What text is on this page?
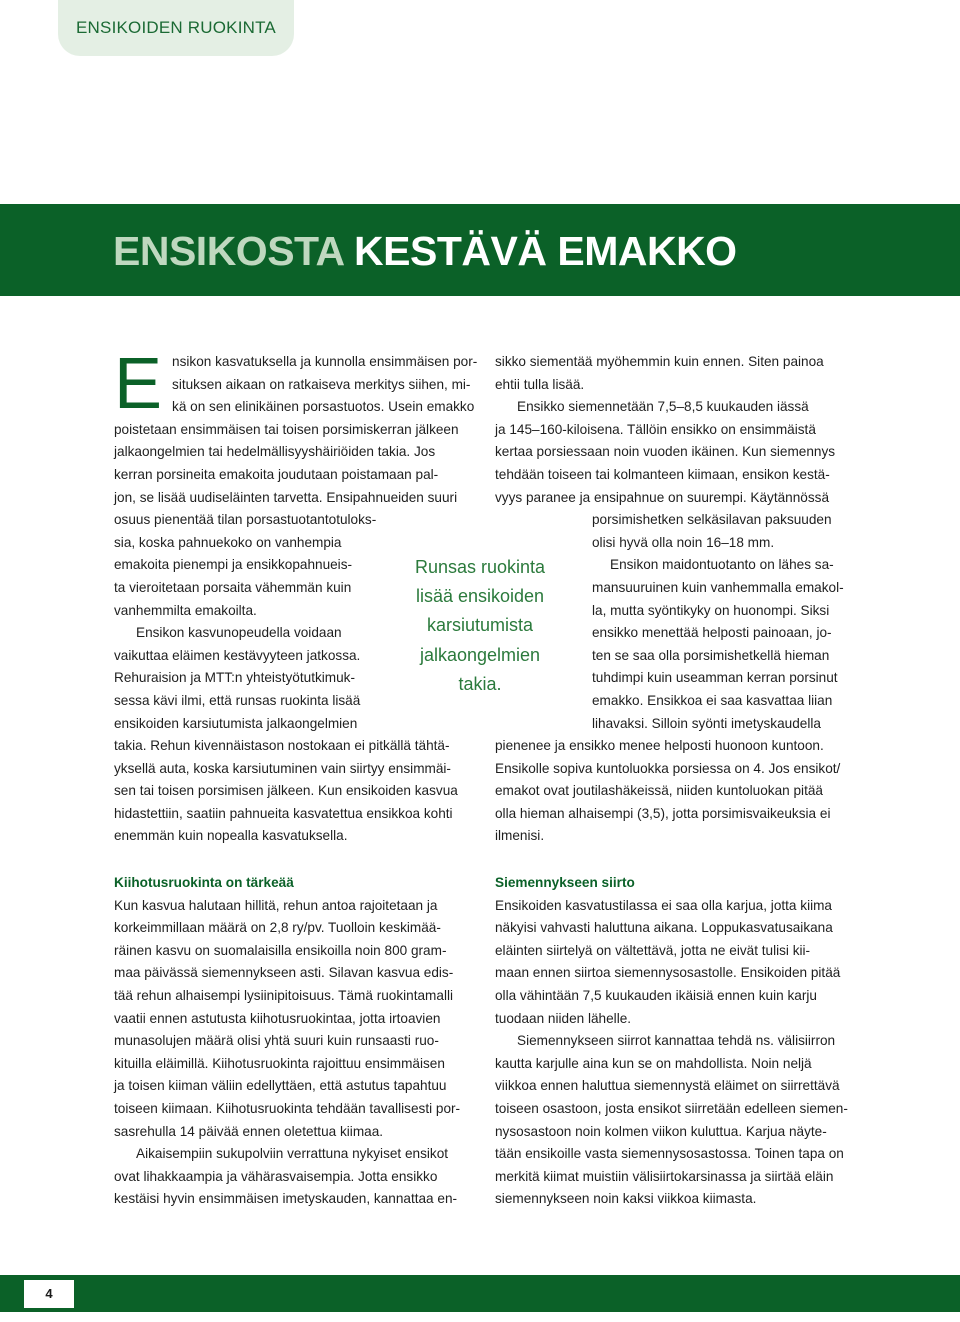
ENSIKOIDEN RUOKINTA
ENSIKOSTA KESTÄVÄ EMAKKO
E nsikon kasvatuksella ja kunnolla ensimmäisen por-
situksen aikaan on ratkaiseva merkitys siihen, mi-
kä on sen elinikäinen porsastuotos. Usein emakko
poistetaan ensimmäisen tai toisen porsimiskerran jälkeen
jalkaongelmien tai hedelmällisyyshäiriöiden takia. Jos
kerran porsineita emakoita joudutaan poistamaan pal-
jon, se lisää uudiseläinten tarvetta. Ensipahnueiden suuri
osuus pienentää tilan porsastuotantotuloks-
sia, koska pahnuekoko on vanhempia
emakoita pienempi ja ensikkopahnueis-
ta vieroitetaan porsaita vähemmän kuin
vanhemmilta emakoilta.
Ensikon kasvunopeudella voidaan
vaikuttaa eläimen kestävyyteen jatkossa.
Rehuraision ja MTT:n yhteistyötutkimuk-
sessa kävi ilmi, että runsas ruokinta lisää
ensikoiden karsiutumista jalkaongelmien
takia. Rehun kivennäistason nostokaan ei pitkällä tähtä-
yksellä auta, koska karsiutuminen vain siirtyy ensimmäi-
sen tai toisen porsimisen jälkeen. Kun ensikoiden kasvua
hidastettiin, saatiin pahnueita kasvatettua ensikkoa kohti
enemmän kuin nopealla kasvatuksella.
Runsas ruokinta
lisää ensikoiden
karsiutumista
jalkaongelmien
takia.
sikko siementää myöhemmin kuin ennen. Siten painoa
ehtii tulla lisää.
Ensikko siemennetään 7,5–8,5 kuukauden iässä
ja 145–160-kiloisena. Tällöin ensikko on ensimmäistä
kertaa porsiessaan noin vuoden ikäinen. Kun siemennys
tehdään toiseen tai kolmanteen kiimaan, ensikon kestä-
vyys paranee ja ensipahnue on suurempi. Käytännössä
porsimishetken selkäsilavan paksuuden
olisi hyvä olla noin 16–18 mm.
Ensikon maidontuotanto on lähes sa-
mansuuruinen kuin vanhemmalla emakol-
la, mutta syöntikyky on huonompi. Siksi
ensikko menettää helposti painoaan, jo-
ten se saa olla porsimishetkellä hieman
tuhdimpi kuin useamman kerran porsinut
emakko. Ensikkoa ei saa kasvattaa liian
lihavaksi. Silloin syönti imetyskaudella
pienenee ja ensikko menee helposti huonoon kuntoon.
Ensikolle sopiva kuntoluokka porsiessa on 4. Jos ensikot/
emakot ovat joutilashäkeissä, niiden kuntoluokan pitää
olla hieman alhaisempi (3,5), jotta porsimisvaikeuksia ei
ilmenisi.
Kiihotusruokinta on tärkeää
Kun kasvua halutaan hillitä, rehun antoa rajoitetaan ja
korkeimmillaan määrä on 2,8 ry/pv. Tuolloin keskimää-
räinen kasvu on suomalaisilla ensikoilla noin 800 gram-
maa päivässä siemennykseen asti. Silavan kasvua edis-
tää rehun alhaisempi lysiinipitoisuus. Tämä ruokintamalli
vaatii ennen astutusta kiihotusruokintaa, jotta irtoavien
munasolujen määrä olisi yhtä suuri kuin runsaasti ruo-
kituilla eläimillä. Kiihotusruokinta rajoittuu ensimmäisen
ja toisen kiiman väliin edellyttäen, että astutus tapahtuu
toiseen kiimaan. Kiihotusruokinta tehdään tavallisesti por-
sasrehulla 14 päivää ennen oletettua kiimaa.
Aikaisempiin sukupolviin verrattuna nykyiset ensikot
ovat lihakkaampia ja vähärasvaisempia. Jotta ensikko
kestäisi hyvin ensimmäisen imetyskauden, kannattaa en-
Siemennykseen siirto
Ensikoiden kasvatustilassa ei saa olla karjua, jotta kiima
näkyisi vahvasti haluttuna aikana. Loppukasvatusaikana
eläinten siirtelyä on vältettävä, jotta ne eivät tulisi kii-
maan ennen siirtoa siemennysosastolle. Ensikoiden pitää
olla vähintään 7,5 kuukauden ikäisiä ennen kuin karju
tuodaan niiden lähelle.
Siemennykseen siirrot kannattaa tehdä ns. välisiirron
kautta karjulle aina kun se on mahdollista. Noin neljä
viikkoa ennen haluttua siemennystä eläimet on siirrettävä
toiseen osastoon, josta ensikot siirretään edelleen siemen-
nysosastoon noin kolmen viikon kuluttua. Karjua näyte-
tään ensikoille vasta siemennysosastossa. Toinen tapa on
merkitä kiimat muistiin välisiirtokarsinassa ja siirtää eläin
siemennykseen noin kaksi viikkoa kiimasta.
4
